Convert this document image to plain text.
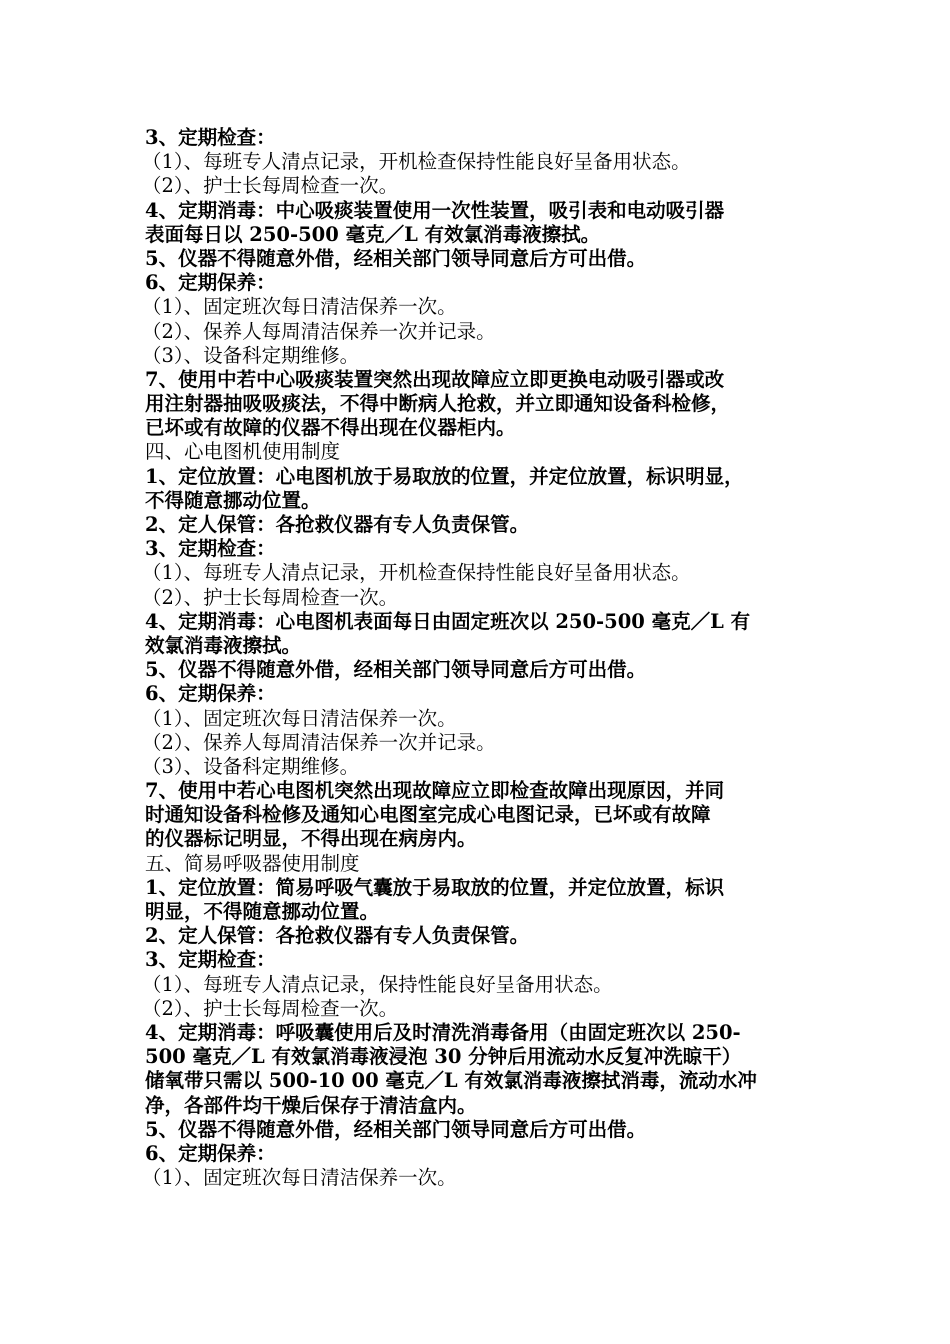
3、定期检查：
（1）、每班专人清点记录，开机检查保持性能良好呈备用状态。
（2）、护士长每周检查一次。
4、定期消毒：中心吸痰装置使用一次性装置，吸引表和电动吸引器
表面每日以 250-500 毫克／L 有效氯消毒液擦拭。
5、仪器不得随意外借，经相关部门领导同意后方可出借。
6、定期保养：
（1）、固定班次每日清洁保养一次。
（2）、保养人每周清洁保养一次并记录。
（3）、设备科定期维修。
7、使用中若中心吸痰装置突然出现故障应立即更换电动吸引器或改
用注射器抽吸吸痰法，不得中断病人抢救，并立即通知设备科检修，
已坏或有故障的仪器不得出现在仪器柜内。
四、心电图机使用制度
1、定位放置：心电图机放于易取放的位置，并定位放置，标识明显，
不得随意挪动位置。
2、定人保管：各抢救仪器有专人负责保管。
3、定期检查：
（1）、每班专人清点记录，开机检查保持性能良好呈备用状态。
（2）、护士长每周检查一次。
4、定期消毒：心电图机表面每日由固定班次以 250-500 毫克／L 有
效氯消毒液擦拭。
5、仪器不得随意外借，经相关部门领导同意后方可出借。
6、定期保养：
（1）、固定班次每日清洁保养一次。
（2）、保养人每周清洁保养一次并记录。
（3）、设备科定期维修。
7、使用中若心电图机突然出现故障应立即检查故障出现原因，并同
时通知设备科检修及通知心电图室完成心电图记录，已坏或有故障
的仪器标记明显，不得出现在病房内。
五、简易呼吸器使用制度
1、定位放置：简易呼吸气囊放于易取放的位置，并定位放置，标识
明显，不得随意挪动位置。
2、定人保管：各抢救仪器有专人负责保管。
3、定期检查：
（1）、每班专人清点记录，保持性能良好呈备用状态。
（2）、护士长每周检查一次。
4、定期消毒：呼吸囊使用后及时清洗消毒备用（由固定班次以 250-
500 毫克／L 有效氯消毒液浸泡 30 分钟后用流动水反复冲洗晾干）
储氧带只需以 500-10 00 毫克／L 有效氯消毒液擦拭消毒，流动水冲
净，各部件均干燥后保存于清洁盒内。
5、仪器不得随意外借，经相关部门领导同意后方可出借。
6、定期保养：
（1）、固定班次每日清洁保养一次。
